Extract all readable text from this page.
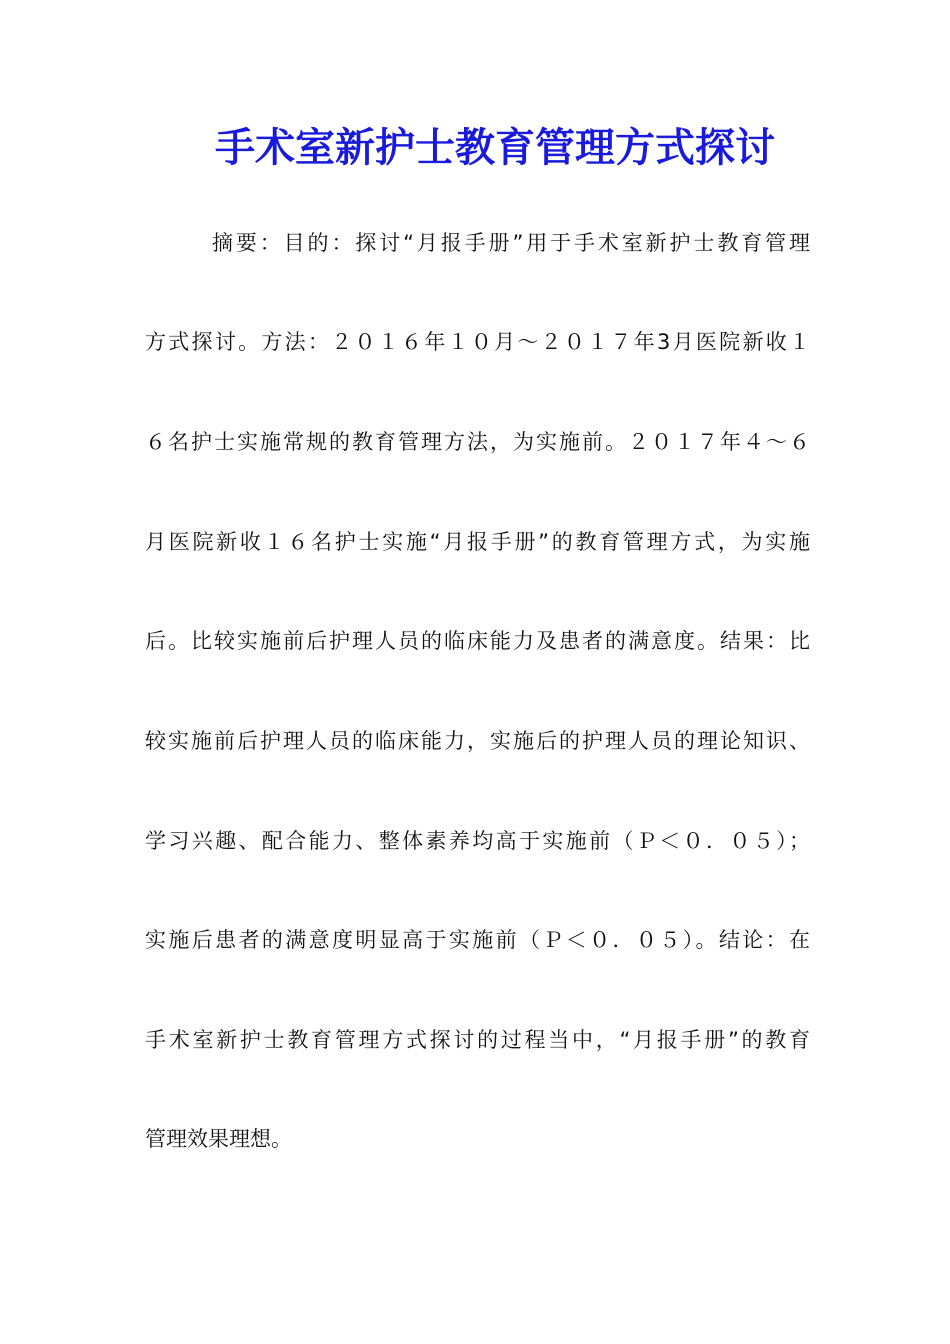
手术室新护士教育管理方式探讨
摘要：目的：探讨“月报手册”用于手术室新护士教育管理
方式探讨。方法：２０１６年１０月～２０１７年3月医院新收１
６名护士实施常规的教育管理方法，为实施前。２０１７年４～６
月医院新收１６名护士实施“月报手册”的教育管理方式，为实施
后。比较实施前后护理人员的临床能力及患者的满意度。结果：比
较实施前后护理人员的临床能力，实施后的护理人员的理论知识、
学习兴趣、配合能力、整体素养均高于实施前（Ｐ＜０．０５）；
实施后患者的满意度明显高于实施前（Ｐ＜０．０５）。结论：在
手术室新护士教育管理方式探讨的过程当中，“月报手册”的教育
管理效果理想。
